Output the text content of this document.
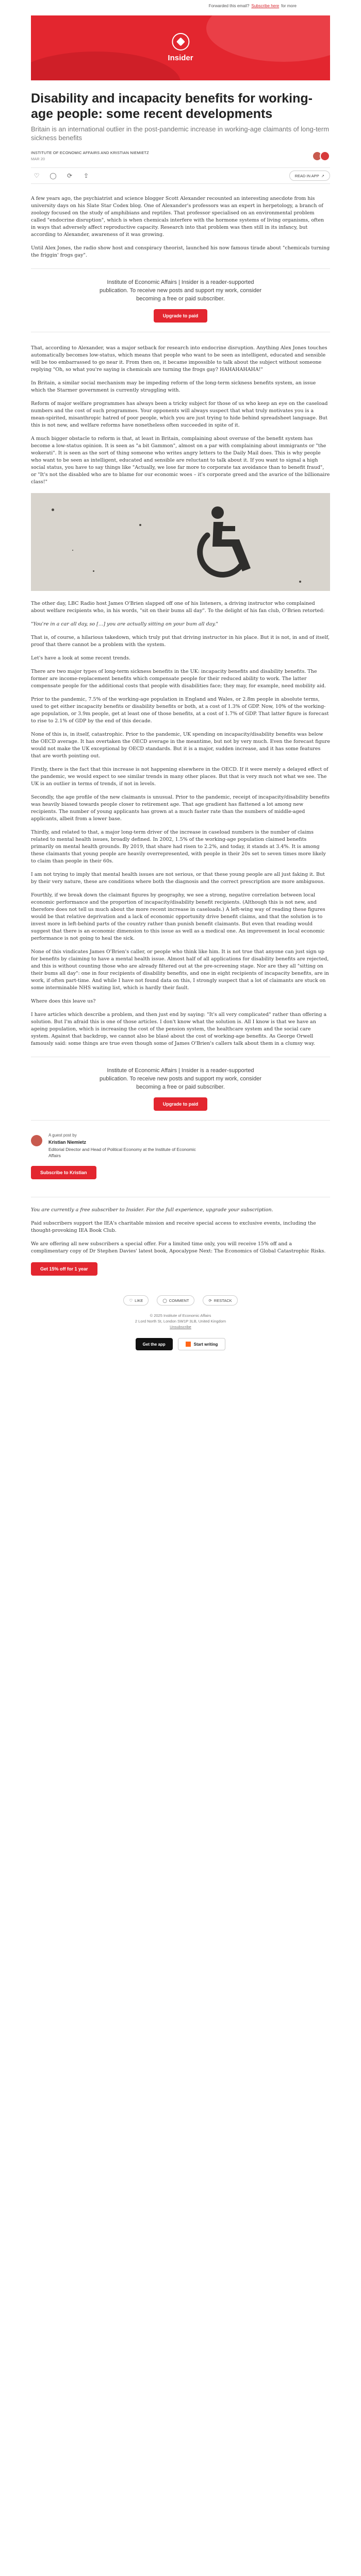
Forwarded this email? Subscribe here for more
Insider
Disability and incapacity benefits for working-age people: some recent developments
Britain is an international outlier in the post-pandemic increase in working-age claimants of long-term sickness benefits
INSTITUTE OF ECONOMIC AFFAIRS AND KRISTIAN NIEMIETZ
MAR 20
♡	◯	⟳	⇪	READ IN APP ↗

A few years ago, the psychiatrist and science blogger Scott Alexander recounted an interesting anecdote from his university days on his Slate Star Codex blog. One of Alexander's professors was an expert in herpetology, a branch of zoology focused on the study of amphibians and reptiles. That professor specialised on an environmental problem called "endocrine disruption", which is when chemicals interfere with the hormone systems of living organisms, often in ways that adversely affect reproductive capacity. Research into that problem was then still in its infancy, but according to Alexander, awareness of it was growing.

Until Alex Jones, the radio show host and conspiracy theorist, launched his now famous tirade about "chemicals turning the friggin' frogs gay".

Institute of Economic Affairs | Insider is a reader-supported publication. To receive new posts and support my work, consider becoming a free or paid subscriber.
Upgrade to paid

That, according to Alexander, was a major setback for research into endocrine disruption. Anything Alex Jones touches automatically becomes low-status, which means that people who want to be seen as intelligent, educated and sensible will be too embarrassed to go near it. From then on, it became impossible to talk about the subject without someone replying "Oh, so what you're saying is chemicals are turning the frogs gay? HAHAHAHAHA!"

In Britain, a similar social mechanism may be impeding reform of the long-term sickness benefits system, an issue which the Starmer government is currently struggling with.

Reform of major welfare programmes has always been a tricky subject for those of us who keep an eye on the caseload numbers and the cost of such programmes. Your opponents will always suspect that what truly motivates you is a mean-spirited, misanthropic hatred of poor people, which you are just trying to hide behind spreadsheet language. But this is not new, and welfare reforms have nonetheless often succeeded in spite of it.

A much bigger obstacle to reform is that, at least in Britain, complaining about overuse of the benefit system has become a low-status opinion. It is seen as "a bit Gammon", almost on a par with complaining about immigrants or "the wokerati". It is seen as the sort of thing someone who writes angry letters to the Daily Mail does. This is why people who want to be seen as intelligent, educated and sensible are reluctant to talk about it. If you want to signal a high social status, you have to say things like "Actually, we lose far more to corporate tax avoidance than to benefit fraud", or "It's not the disabled who are to blame for our economic woes – it's corporate greed and the avarice of the billionaire class!"

The other day, LBC Radio host James O'Brien slapped off one of his listeners, a driving instructor who complained about welfare recipients who, in his words, "sit on their bums all day". To the delight of his fan club, O'Brien retorted:

"You're in a car all day, so […] you are actually sitting on your bum all day."

That is, of course, a hilarious takedown, which truly put that driving instructor in his place. But it is not, in and of itself, proof that there cannot be a problem with the system.

Let's have a look at some recent trends.

There are two major types of long-term sickness benefits in the UK: incapacity benefits and disability benefits. The former are income-replacement benefits which compensate people for their reduced ability to work. The latter compensate people for the additional costs that people with disabilities face; they may, for example, need mobility aid.

Prior to the pandemic, 7.5% of the working-age population in England and Wales, or 2.8m people in absolute terms, used to get either incapacity benefits or disability benefits or both, at a cost of 1.3% of GDP. Now, 10% of the working-age population, or 3.9m people, get at least one of those benefits, at a cost of 1.7% of GDP. That latter figure is forecast to rise to 2.1% of GDP by the end of this decade.

None of this is, in itself, catastrophic. Prior to the pandemic, UK spending on incapacity/disability benefits was below the OECD average. It has overtaken the OECD average in the meantime, but not by very much. Even the forecast figure would not make the UK exceptional by OECD standards. But it is a major, sudden increase, and it has some features that are worth pointing out.

Firstly, there is the fact that this increase is not happening elsewhere in the OECD. If it were merely a delayed effect of the pandemic, we would expect to see similar trends in many other places. But that is very much not what we see. The UK is an outlier in terms of trends, if not in levels.

Secondly, the age profile of the new claimants is unusual. Prior to the pandemic, receipt of incapacity/disability benefits was heavily biased towards people closer to retirement age. That age gradient has flattened a lot among new recipients. The number of young applicants has grown at a much faster rate than the numbers of middle-aged applicants, albeit from a lower base.

Thirdly, and related to that, a major long-term driver of the increase in caseload numbers is the number of claims related to mental health issues, broadly defined. In 2002, 1.5% of the working-age population claimed benefits primarily on mental health grounds. By 2019, that share had risen to 2.2%, and today, it stands at 3.4%. It is among these claimants that young people are heavily overrepresented, with people in their 20s set to seven times more likely to claim than people in their 60s.

I am not trying to imply that mental health issues are not serious, or that these young people are all just faking it. But by their very nature, these are conditions where both the diagnosis and the correct prescription are more ambiguous.

Fourthly, if we break down the claimant figures by geography, we see a strong, negative correlation between local economic performance and the proportion of incapacity/disability benefit recipients. (Although this is not new, and therefore does not tell us much about the more recent increase in caseloads.) A left-wing way of reading these figures would be that relative deprivation and a lack of economic opportunity drive benefit claims, and that the solution is to invest more in left-behind parts of the country rather than punish benefit claimants. But even that reading would suggest that there is an economic dimension to this issue as well as a medical one. An improvement in local economic performance is not going to heal the sick.

None of this vindicates James O'Brien's caller, or people who think like him. It is not true that anyone can just sign up for benefits by claiming to have a mental health issue. Almost half of all applications for disability benefits are rejected, and this is without counting those who are already filtered out at the pre-screening stage. Nor are they all "sitting on their bums all day": one in four recipients of disability benefits, and one in eight recipients of incapacity benefits, are in work, if often part-time. And while I have not found data on this, I strongly suspect that a lot of claimants are stuck on some interminable NHS waiting list, which is hardly their fault.

Where does this leave us?

I have articles which describe a problem, and then just end by saying: "It's all very complicated" rather than offering a solution. But I'm afraid this is one of those articles. I don't know what the solution is. All I know is that we have an ageing population, which is increasing the cost of the pension system, the healthcare system and the social care system. Against that backdrop, we cannot also be blasé about the cost of working-age benefits. As George Orwell famously said: some things are true even though some of James O'Brien's callers talk about them in a clumsy way.

Institute of Economic Affairs | Insider is a reader-supported publication. To receive new posts and support my work, consider becoming a free or paid subscriber.
Upgrade to paid
A guest post by
Kristian Niemietz
Editorial Director and Head of Political Economy at the Institute of Economic Affairs
Subscribe to Kristian

You are currently a free subscriber to Insider. For the full experience, upgrade your subscription.

Paid subscribers support the IEA's charitable mission and receive special access to exclusive events, including the thought-provoking IEA Book Club.

We are offering all new subscribers a special offer. For a limited time only, you will receive 15% off and a complimentary copy of Dr Stephen Davies' latest book, Apocalypse Next: The Economics of Global Catastrophic Risks.

Get 15% off for 1 year
♡ LIKE	◯ COMMENT	⟳ RESTACK
© 2025 Institute of Economic Affairs
2 Lord North St, London SW1P 3LB, United Kingdom
Unsubscribe
Get the app	Start writing
